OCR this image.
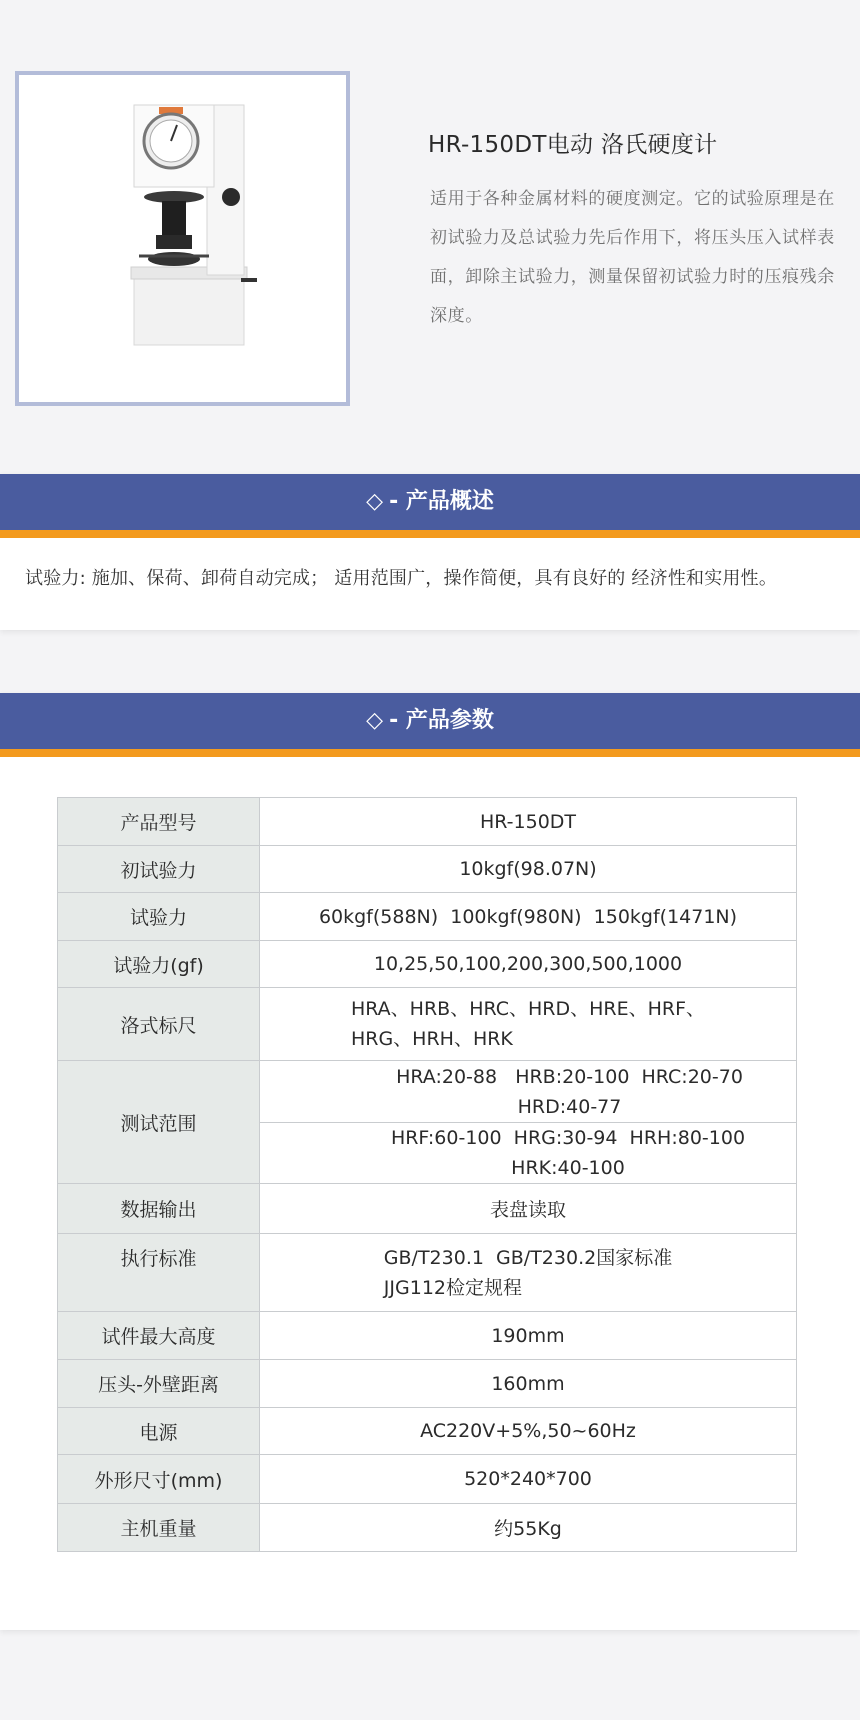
HR-150DT电动 洛氏硬度计
适用于各种金属材料的硬度测定。它的试验原理是在初试验力及总试验力先后作用下，将压头压入试样表面，卸除主试验力，测量保留初试验力时的压痕残余深度。
◇ - 产品概述
试验力: 施加、保荷、卸荷自动完成； 适用范围广，操作简便，具有良好的 经济性和实用性。
◇ - 产品参数
产品型号	HR-150DT
初试验力	10kgf(98.07N)
试验力	60kgf(588N)  100kgf(980N)  150kgf(1471N)
试验力(gf)	10,25,50,100,200,300,500,1000
洛式标尺	HRA、HRB、HRC、HRD、HRE、HRF、
HRG、HRH、HRK

测试范围	HRA:20-88   HRB:20-100  HRC:20-70
HRD:40-77

	HRF:60-100  HRG:30-94  HRH:80-100
HRK:40-100

数据输出	表盘读取
执行标准	GB/T230.1  GB/T230.2国家标准
JJG112检定规程

试件最大高度	190mm
压头-外壁距离	160mm
电源	AC220V+5%,50~60Hz
外形尺寸(mm)	520*240*700
主机重量	约55Kg
